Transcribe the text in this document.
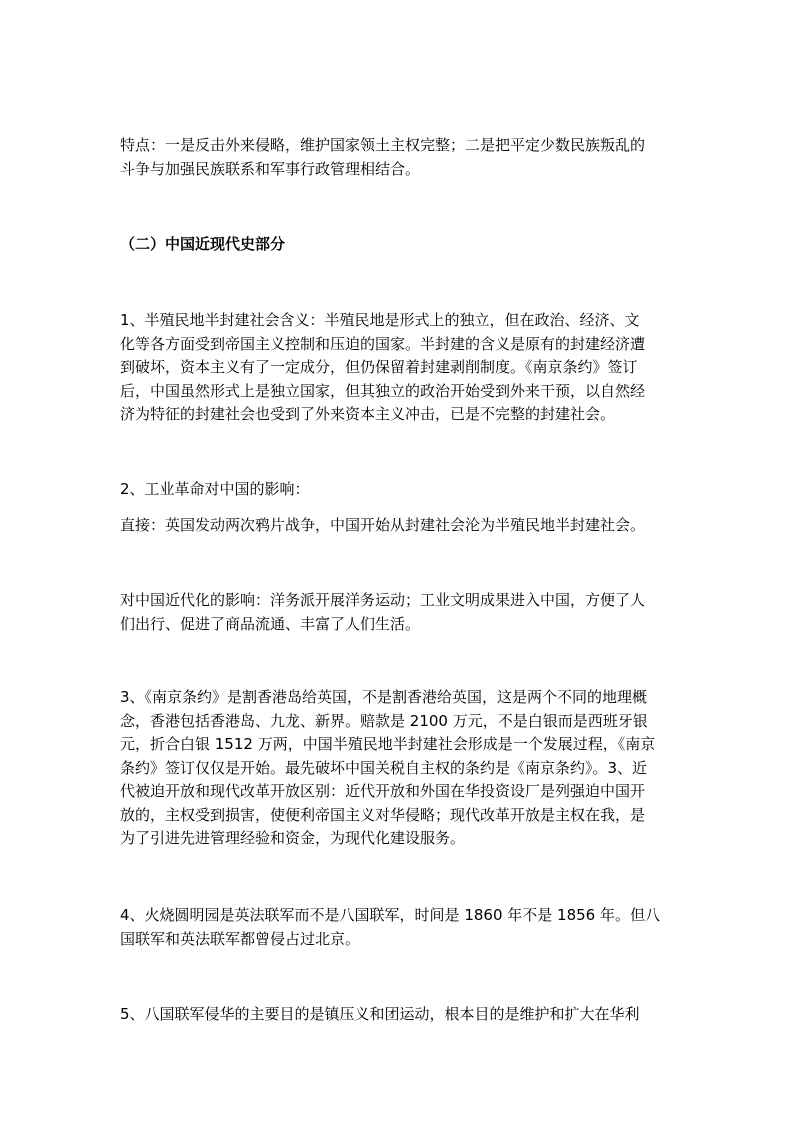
特点：一是反击外来侵略，维护国家领土主权完整；二是把平定少数民族叛乱的
斗争与加强民族联系和军事行政管理相结合。
（二）中国近现代史部分
1、半殖民地半封建社会含义：半殖民地是形式上的独立，但在政治、经济、文
化等各方面受到帝国主义控制和压迫的国家。半封建的含义是原有的封建经济遭
到破坏，资本主义有了一定成分，但仍保留着封建剥削制度。《南京条约》签订
后，中国虽然形式上是独立国家，但其独立的政治开始受到外来干预，以自然经
济为特征的封建社会也受到了外来资本主义冲击，已是不完整的封建社会。
2、工业革命对中国的影响：
直接：英国发动两次鸦片战争，中国开始从封建社会沦为半殖民地半封建社会。
对中国近代化的影响：洋务派开展洋务运动；工业文明成果进入中国，方便了人
们出行、促进了商品流通、丰富了人们生活。
3、《南京条约》是割香港岛给英国，不是割香港给英国，这是两个不同的地理概
念，香港包括香港岛、九龙、新界。赔款是 2100 万元，不是白银而是西班牙银
元，折合白银 1512 万两，中国半殖民地半封建社会形成是一个发展过程，《南京
条约》签订仅仅是开始。最先破坏中国关税自主权的条约是《南京条约》。3、近
代被迫开放和现代改革开放区别：近代开放和外国在华投资设厂是列强迫中国开
放的，主权受到损害，使便利帝国主义对华侵略；现代改革开放是主权在我，是
为了引进先进管理经验和资金，为现代化建设服务。
4、火烧圆明园是英法联军而不是八国联军，时间是 1860 年不是 1856 年。但八
国联军和英法联军都曾侵占过北京。
5、八国联军侵华的主要目的是镇压义和团运动，根本目的是维护和扩大在华利
